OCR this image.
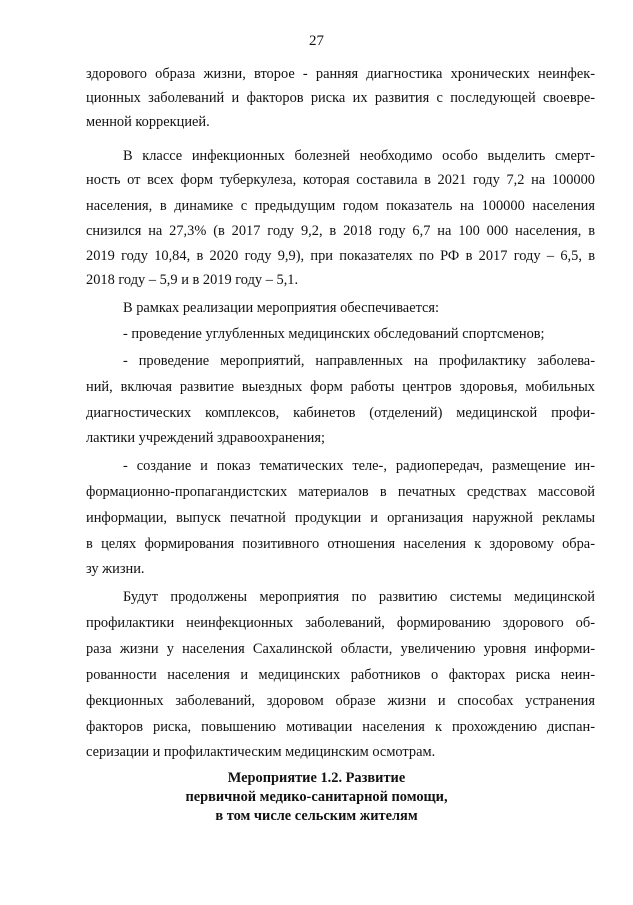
27
здорового образа жизни, второе - ранняя диагностика хронических неинфек-
ционных заболеваний и факторов риска их развития с последующей своевре-
менной коррекцией.
В классе инфекционных болезней необходимо особо выделить смерт-
ность от всех форм туберкулеза, которая составила в 2021 году 7,2 на 100000
населения, в динамике с предыдущим годом показатель на 100000 населения
снизился на 27,3% (в 2017 году 9,2, в 2018 году 6,7 на 100 000 населения, в
2019 году 10,84, в 2020 году 9,9), при показателях по РФ в 2017 году – 6,5, в
2018 году – 5,9 и в 2019 году – 5,1.
В рамках реализации мероприятия обеспечивается:
- проведение углубленных медицинских обследований спортсменов;
- проведение мероприятий, направленных на профилактику заболева-
ний, включая развитие выездных форм работы центров здоровья, мобильных
диагностических комплексов, кабинетов (отделений) медицинской профи-
лактики учреждений здравоохранения;
- создание и показ тематических теле-, радиопередач, размещение ин-
формационно-пропагандистских материалов в печатных средствах массовой
информации, выпуск печатной продукции и организация наружной рекламы
в целях формирования позитивного отношения населения к здоровому обра-
зу жизни.
Будут продолжены мероприятия по развитию системы медицинской
профилактики неинфекционных заболеваний, формированию здорового об-
раза жизни у населения Сахалинской области, увеличению уровня информи-
рованности населения и медицинских работников о факторах риска неин-
фекционных заболеваний, здоровом образе жизни и способах устранения
факторов риска, повышению мотивации населения к прохождению диспан-
серизации и профилактическим медицинским осмотрам.
Мероприятие 1.2. Развитие
первичной медико-санитарной помощи,
в том числе сельским жителям
